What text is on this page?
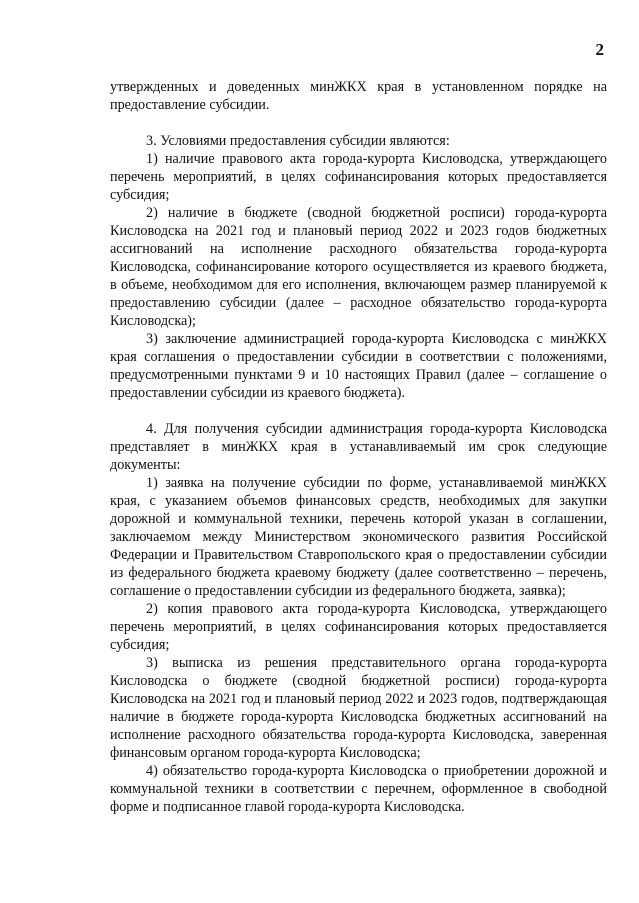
2

утвержденных и доведенных минЖКХ края в установленном порядке на предоставление субсидии.

3. Условиями предоставления субсидии являются:

1) наличие правового акта города-курорта Кисловодска, утверждающего перечень мероприятий, в целях софинансирования которых предоставляется субсидия;

2) наличие в бюджете (сводной бюджетной росписи) города-курорта Кисловодска на 2021 год и плановый период 2022 и 2023 годов бюджетных ассигнований на исполнение расходного обязательства города-курорта Кисловодска, софинансирование которого осуществляется из краевого бюджета, в объеме, необходимом для его исполнения, включающем размер планируемой к предоставлению субсидии (далее – расходное обязательство города-курорта Кисловодска);

3) заключение администрацией города-курорта Кисловодска с минЖКХ края соглашения о предоставлении субсидии в соответствии с положениями, предусмотренными пунктами 9 и 10 настоящих Правил (далее – соглашение о предоставлении субсидии из краевого бюджета).

4. Для получения субсидии администрация города-курорта Кисловодска представляет в минЖКХ края в устанавливаемый им срок следующие документы:

1) заявка на получение субсидии по форме, устанавливаемой минЖКХ края, с указанием объемов финансовых средств, необходимых для закупки дорожной и коммунальной техники, перечень которой указан в соглашении, заключаемом между Министерством экономического развития Российской Федерации и Правительством Ставропольского края о предоставлении субсидии из федерального бюджета краевому бюджету (далее соответственно – перечень, соглашение о предоставлении субсидии из федерального бюджета, заявка);

2) копия правового акта города-курорта Кисловодска, утверждающего перечень мероприятий, в целях софинансирования которых предоставляется субсидия;

3) выписка из решения представительного органа города-курорта Кисловодска о бюджете (сводной бюджетной росписи) города-курорта Кисловодска на 2021 год и плановый период 2022 и 2023 годов, подтверждающая наличие в бюджете города-курорта Кисловодска бюджетных ассигнований на исполнение расходного обязательства города-курорта Кисловодска, заверенная финансовым органом города-курорта Кисловодска;

4) обязательство города-курорта Кисловодска о приобретении дорожной и коммунальной техники в соответствии с перечнем, оформленное в свободной форме и подписанное главой города-курорта Кисловодска.
